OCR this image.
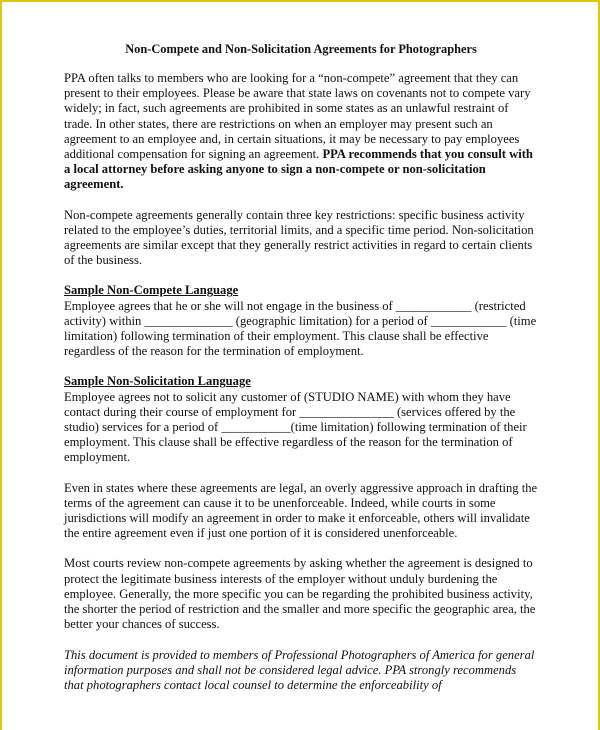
Non-Compete and Non-Solicitation Agreements for Photographers

PPA often talks to members who are looking for a “non-compete” agreement that they can present to their employees. Please be aware that state laws on covenants not to compete vary widely; in fact, such agreements are prohibited in some states as an unlawful restraint of trade. In other states, there are restrictions on when an employer may present such an agreement to an employee and, in certain situations, it may be necessary to pay employees additional compensation for signing an agreement. PPA recommends that you consult with a local attorney before asking anyone to sign a non-compete or non-solicitation agreement.

Non-compete agreements generally contain three key restrictions: specific business activity related to the employee’s duties, territorial limits, and a specific time period. Non-solicitation agreements are similar except that they generally restrict activities in regard to certain clients of the business.

Sample Non-Compete Language

Employee agrees that he or she will not engage in the business of ____________ (restricted activity) within ______________ (geographic limitation) for a period of ____________ (time limitation) following termination of their employment. This clause shall be effective regardless of the reason for the termination of employment.

Sample Non-Solicitation Language

Employee agrees not to solicit any customer of (STUDIO NAME) with whom they have contact during their course of employment for _______________ (services offered by the studio) services for a period of ___________(time limitation) following termination of their employment. This clause shall be effective regardless of the reason for the termination of employment.

Even in states where these agreements are legal, an overly aggressive approach in drafting the terms of the agreement can cause it to be unenforceable. Indeed, while courts in some jurisdictions will modify an agreement in order to make it enforceable, others will invalidate the entire agreement even if just one portion of it is considered unenforceable.

Most courts review non-compete agreements by asking whether the agreement is designed to protect the legitimate business interests of the employer without unduly burdening the employee. Generally, the more specific you can be regarding the prohibited business activity, the shorter the period of restriction and the smaller and more specific the geographic area, the better your chances of success.

This document is provided to members of Professional Photographers of America for general information purposes and shall not be considered legal advice. PPA strongly recommends that photographers contact local counsel to determine the enforceability of
